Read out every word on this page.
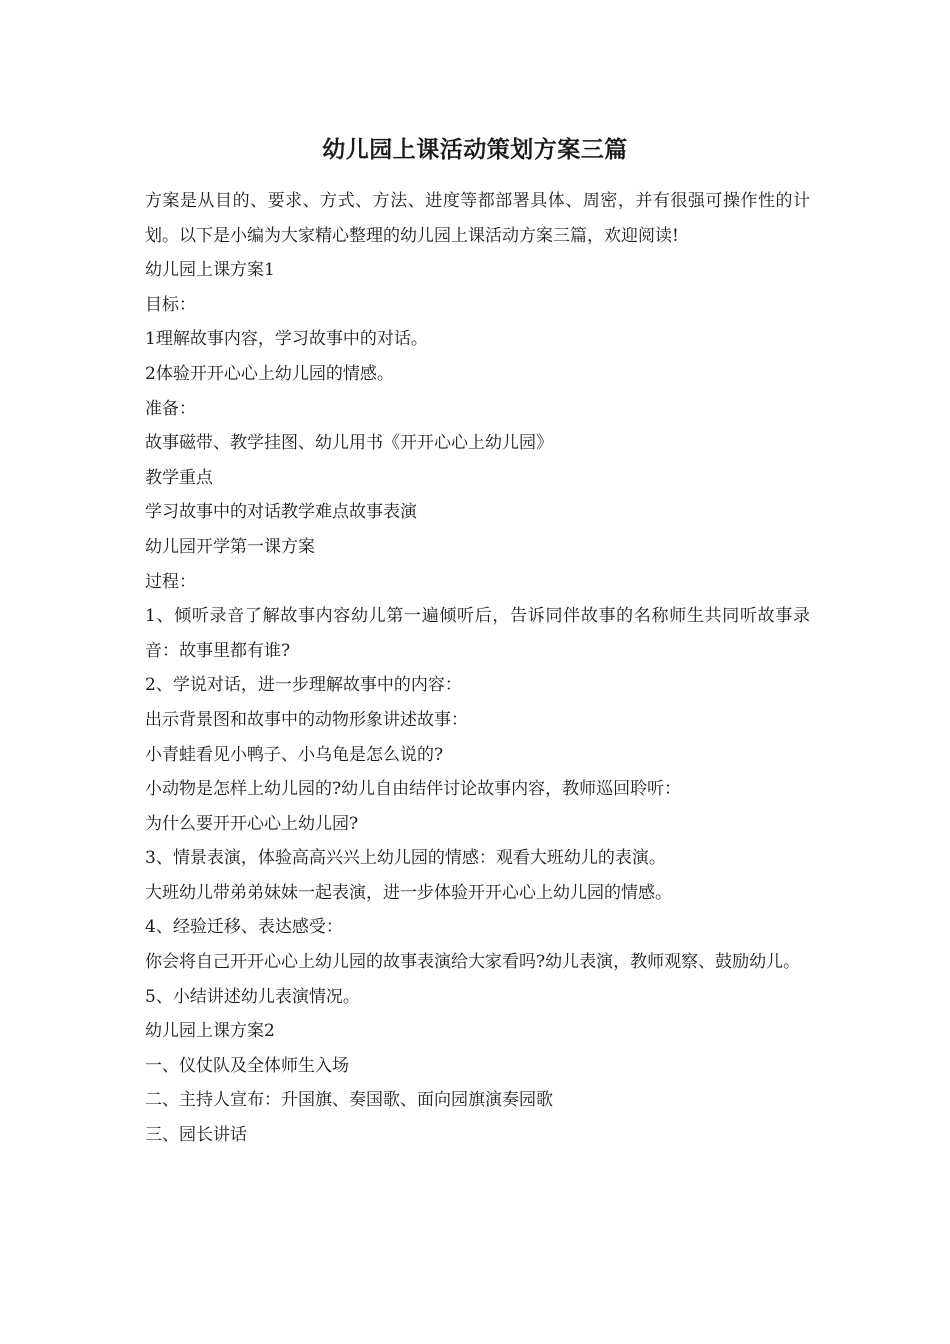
幼儿园上课活动策划方案三篇

方案是从目的、要求、方式、方法、进度等都部署具体、周密，并有很强可操作性的计划。以下是小编为大家精心整理的幼儿园上课活动方案三篇，欢迎阅读!

幼儿园上课方案1

目标：

1理解故事内容，学习故事中的对话。

2体验开开心心上幼儿园的情感。

准备：

故事磁带、教学挂图、幼儿用书《开开心心上幼儿园》

教学重点

学习故事中的对话教学难点故事表演

幼儿园开学第一课方案

过程：

1、倾听录音了解故事内容幼儿第一遍倾听后，告诉同伴故事的名称师生共同听故事录音：故事里都有谁?

2、学说对话，进一步理解故事中的内容：

出示背景图和故事中的动物形象讲述故事：

小青蛙看见小鸭子、小乌龟是怎么说的?

小动物是怎样上幼儿园的?幼儿自由结伴讨论故事内容，教师巡回聆听：

为什么要开开心心上幼儿园?

3、情景表演，体验高高兴兴上幼儿园的情感：观看大班幼儿的表演。

大班幼儿带弟弟妹妹一起表演，进一步体验开开心心上幼儿园的情感。

4、经验迁移、表达感受：

你会将自己开开心心上幼儿园的故事表演给大家看吗?幼儿表演，教师观察、鼓励幼儿。

5、小结讲述幼儿表演情况。

幼儿园上课方案2

一、仪仗队及全体师生入场

二、主持人宣布：升国旗、奏国歌、面向园旗演奏园歌

三、园长讲话
